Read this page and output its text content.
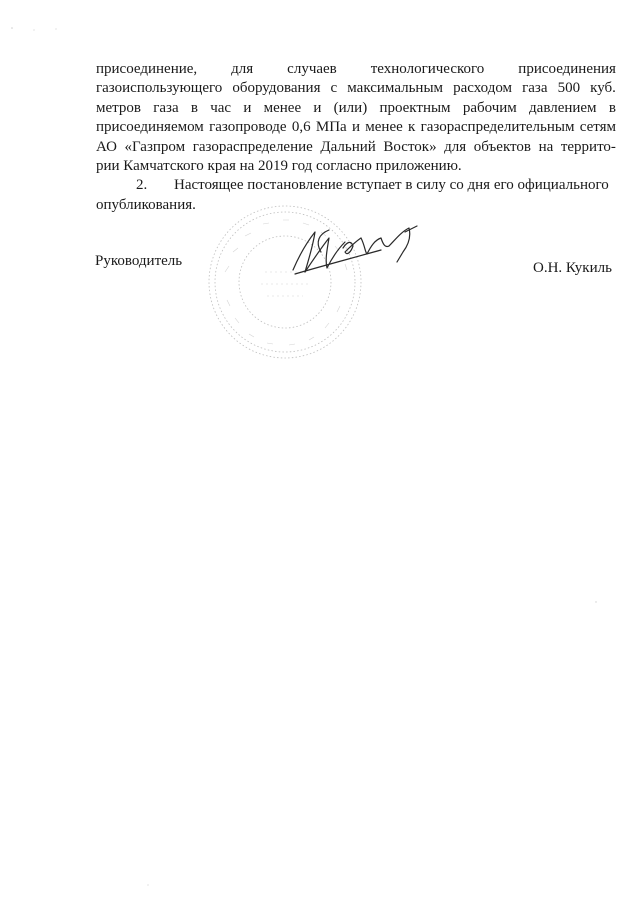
присоединение, для случаев технологического присоединения
газоиспользующего оборудования с максимальным расходом газа 500 куб.
метров газа в час и менее и (или) проектным рабочим давлением в
присоединяемом газопроводе 0,6 МПа и менее к газораспределительным сетям
АО «Газпром газораспределение Дальний Восток» для объектов на террито-
рии Камчатского края на 2019 год согласно приложению.
2. Настоящее постановление вступает в силу со дня его официального
опубликования.
Руководитель	О.Н. Кукиль
